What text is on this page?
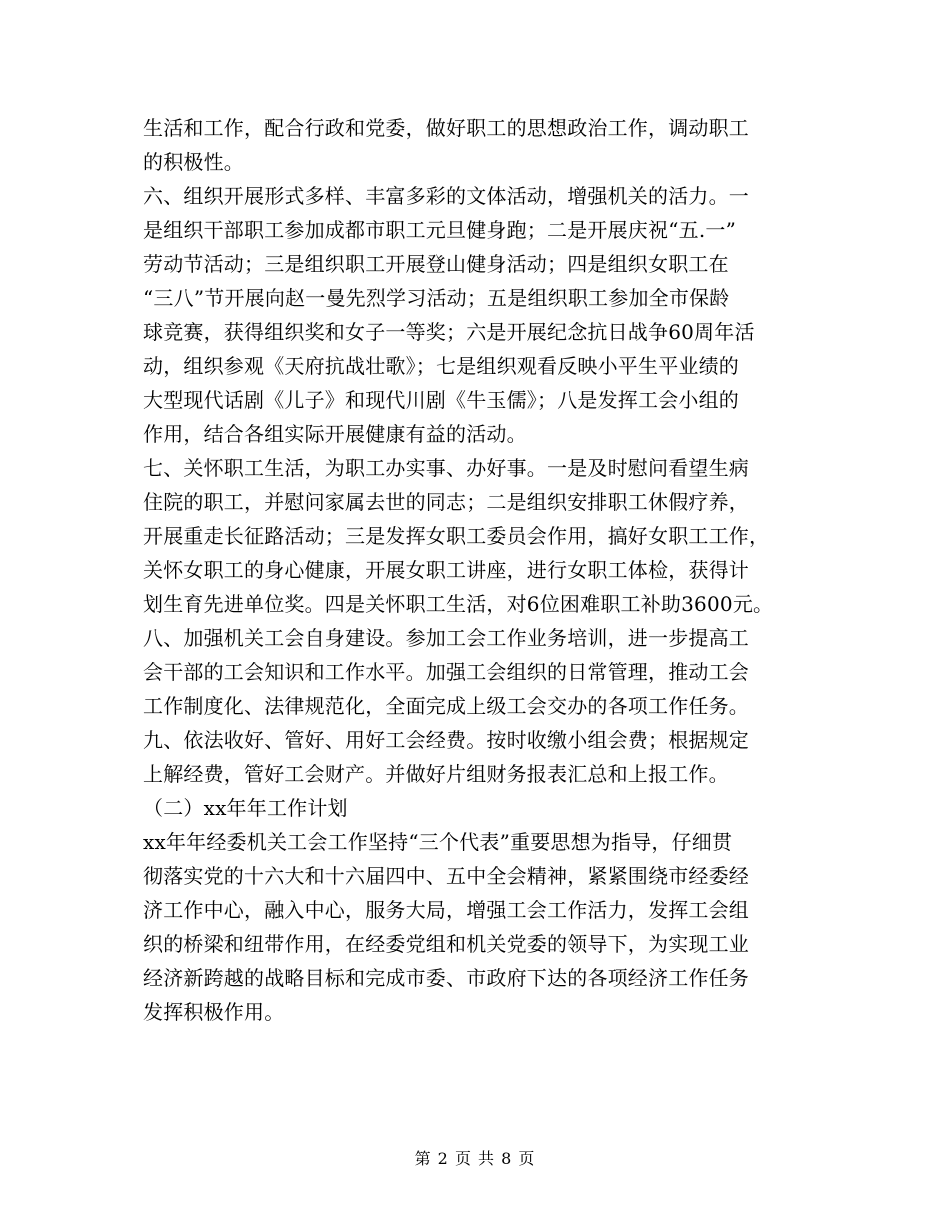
生活和工作，配合行政和党委，做好职工的思想政治工作，调动职工
的积极性。
六、组织开展形式多样、丰富多彩的文体活动，增强机关的活力。一
是组织干部职工参加成都市职工元旦健身跑；二是开展庆祝“五.一”
劳动节活动；三是组织职工开展登山健身活动；四是组织女职工在
“三八”节开展向赵一曼先烈学习活动；五是组织职工参加全市保龄
球竞赛，获得组织奖和女子一等奖；六是开展纪念抗日战争60周年活
动，组织参观《天府抗战壮歌》；七是组织观看反映小平生平业绩的
大型现代话剧《儿子》和现代川剧《牛玉儒》；八是发挥工会小组的
作用，结合各组实际开展健康有益的活动。
七、关怀职工生活，为职工办实事、办好事。一是及时慰问看望生病
住院的职工，并慰问家属去世的同志；二是组织安排职工休假疗养，
开展重走长征路活动；三是发挥女职工委员会作用，搞好女职工工作，
关怀女职工的身心健康，开展女职工讲座，进行女职工体检，获得计
划生育先进单位奖。四是关怀职工生活，对6位困难职工补助3600元。
八、加强机关工会自身建设。参加工会工作业务培训，进一步提高工
会干部的工会知识和工作水平。加强工会组织的日常管理，推动工会
工作制度化、法律规范化，全面完成上级工会交办的各项工作任务。
九、依法收好、管好、用好工会经费。按时收缴小组会费；根据规定
上解经费，管好工会财产。并做好片组财务报表汇总和上报工作。
（二）xx年年工作计划
xx年年经委机关工会工作坚持“三个代表”重要思想为指导，仔细贯
彻落实党的十六大和十六届四中、五中全会精神，紧紧围绕市经委经
济工作中心，融入中心，服务大局，增强工会工作活力，发挥工会组
织的桥梁和纽带作用，在经委党组和机关党委的领导下，为实现工业
经济新跨越的战略目标和完成市委、市政府下达的各项经济工作任务
发挥积极作用。
第 2 页 共 8 页
